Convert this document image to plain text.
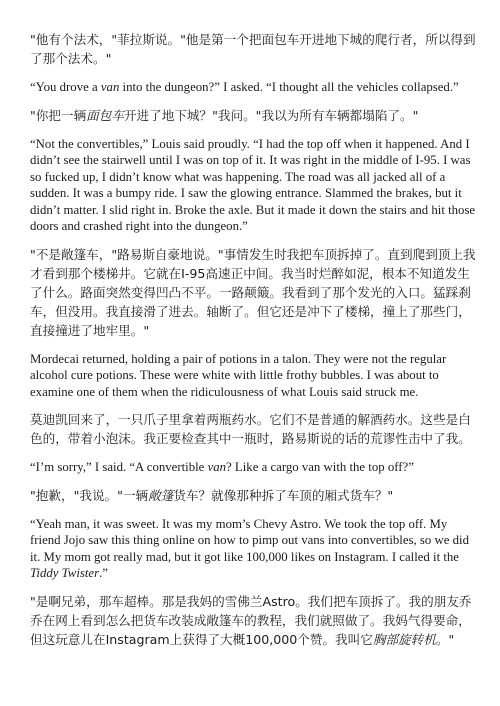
"他有个法术，"菲拉斯说。"他是第一个把面包车开进地下城的爬行者，所以得到了那个法术。"

“You drove a van into the dungeon?” I asked. “I thought all the vehicles collapsed.”

"你把一辆面包车开进了地下城？"我问。"我以为所有车辆都塌陷了。"

“Not the convertibles,” Louis said proudly. “I had the top off when it happened. And I didn’t see the stairwell until I was on top of it. It was right in the middle of I-95. I was so fucked up, I didn’t know what was happening. The road was all jacked all of a sudden. It was a bumpy ride. I saw the glowing entrance. Slammed the brakes, but it didn’t matter. I slid right in. Broke the axle. But it made it down the stairs and hit those doors and crashed right into the dungeon.”

"不是敞篷车，"路易斯自豪地说。"事情发生时我把车顶拆掉了。直到爬到顶上我才看到那个楼梯井。它就在I-95高速正中间。我当时烂醉如泥，根本不知道发生了什么。路面突然变得凹凸不平。一路颠簸。我看到了那个发光的入口。猛踩刹车，但没用。我直接滑了进去。轴断了。但它还是冲下了楼梯，撞上了那些门，直接撞进了地牢里。"

Mordecai returned, holding a pair of potions in a talon. They were not the regular alcohol cure potions. These were white with little frothy bubbles. I was about to examine one of them when the ridiculousness of what Louis said struck me.

莫迪凯回来了，一只爪子里拿着两瓶药水。它们不是普通的解酒药水。这些是白色的，带着小泡沫。我正要检查其中一瓶时，路易斯说的话的荒谬性击中了我。

“I’m sorry,” I said. “A convertible van? Like a cargo van with the top off?”

"抱歉，"我说。"一辆敞篷货车？就像那种拆了车顶的厢式货车？"

“Yeah man, it was sweet. It was my mom’s Chevy Astro. We took the top off. My friend Jojo saw this thing online on how to pimp out vans into convertibles, so we did it. My mom got really mad, but it got like 100,000 likes on Instagram. I called it the Tiddy Twister.”

"是啊兄弟，那车超棒。那是我妈的雪佛兰Astro。我们把车顶拆了。我的朋友乔乔在网上看到怎么把货车改装成敞篷车的教程，我们就照做了。我妈气得要命，但这玩意儿在Instagram上获得了大概100,000个赞。我叫它胸部旋转机。"
